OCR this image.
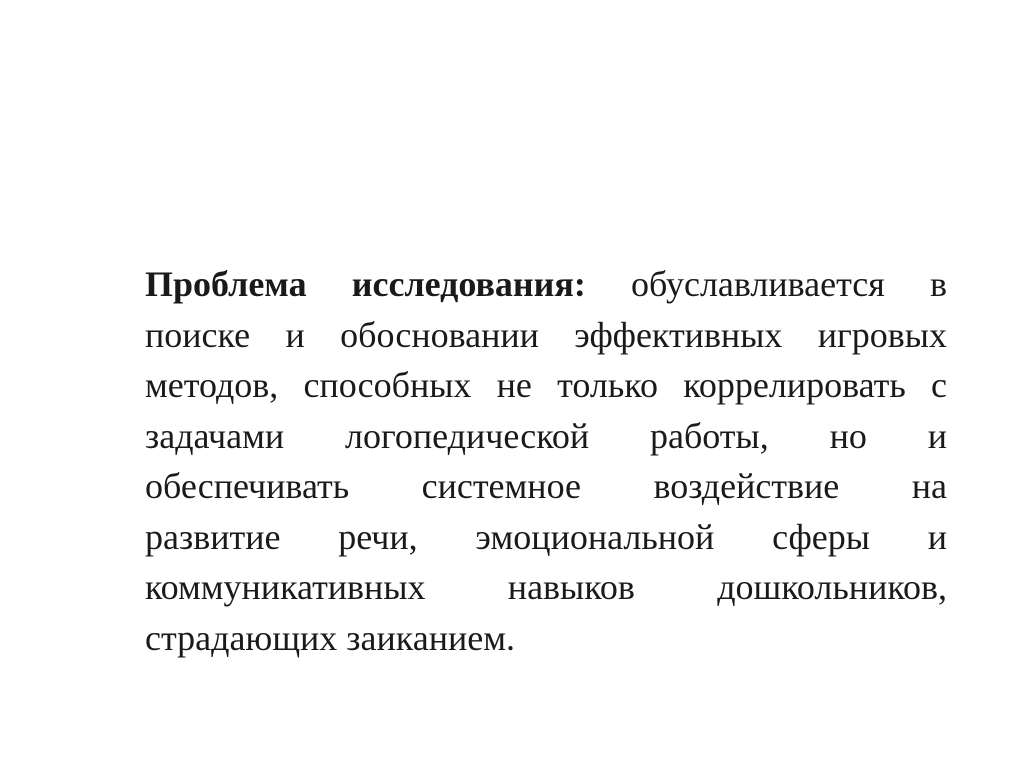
Проблема исследования: обуславливается в
поиске и обосновании эффективных игровых
методов, способных не только коррелировать с
задачами логопедической работы, но и
обеспечивать системное воздействие на
развитие речи, эмоциональной сферы и
коммуникативных навыков дошкольников,
страдающих заиканием.
